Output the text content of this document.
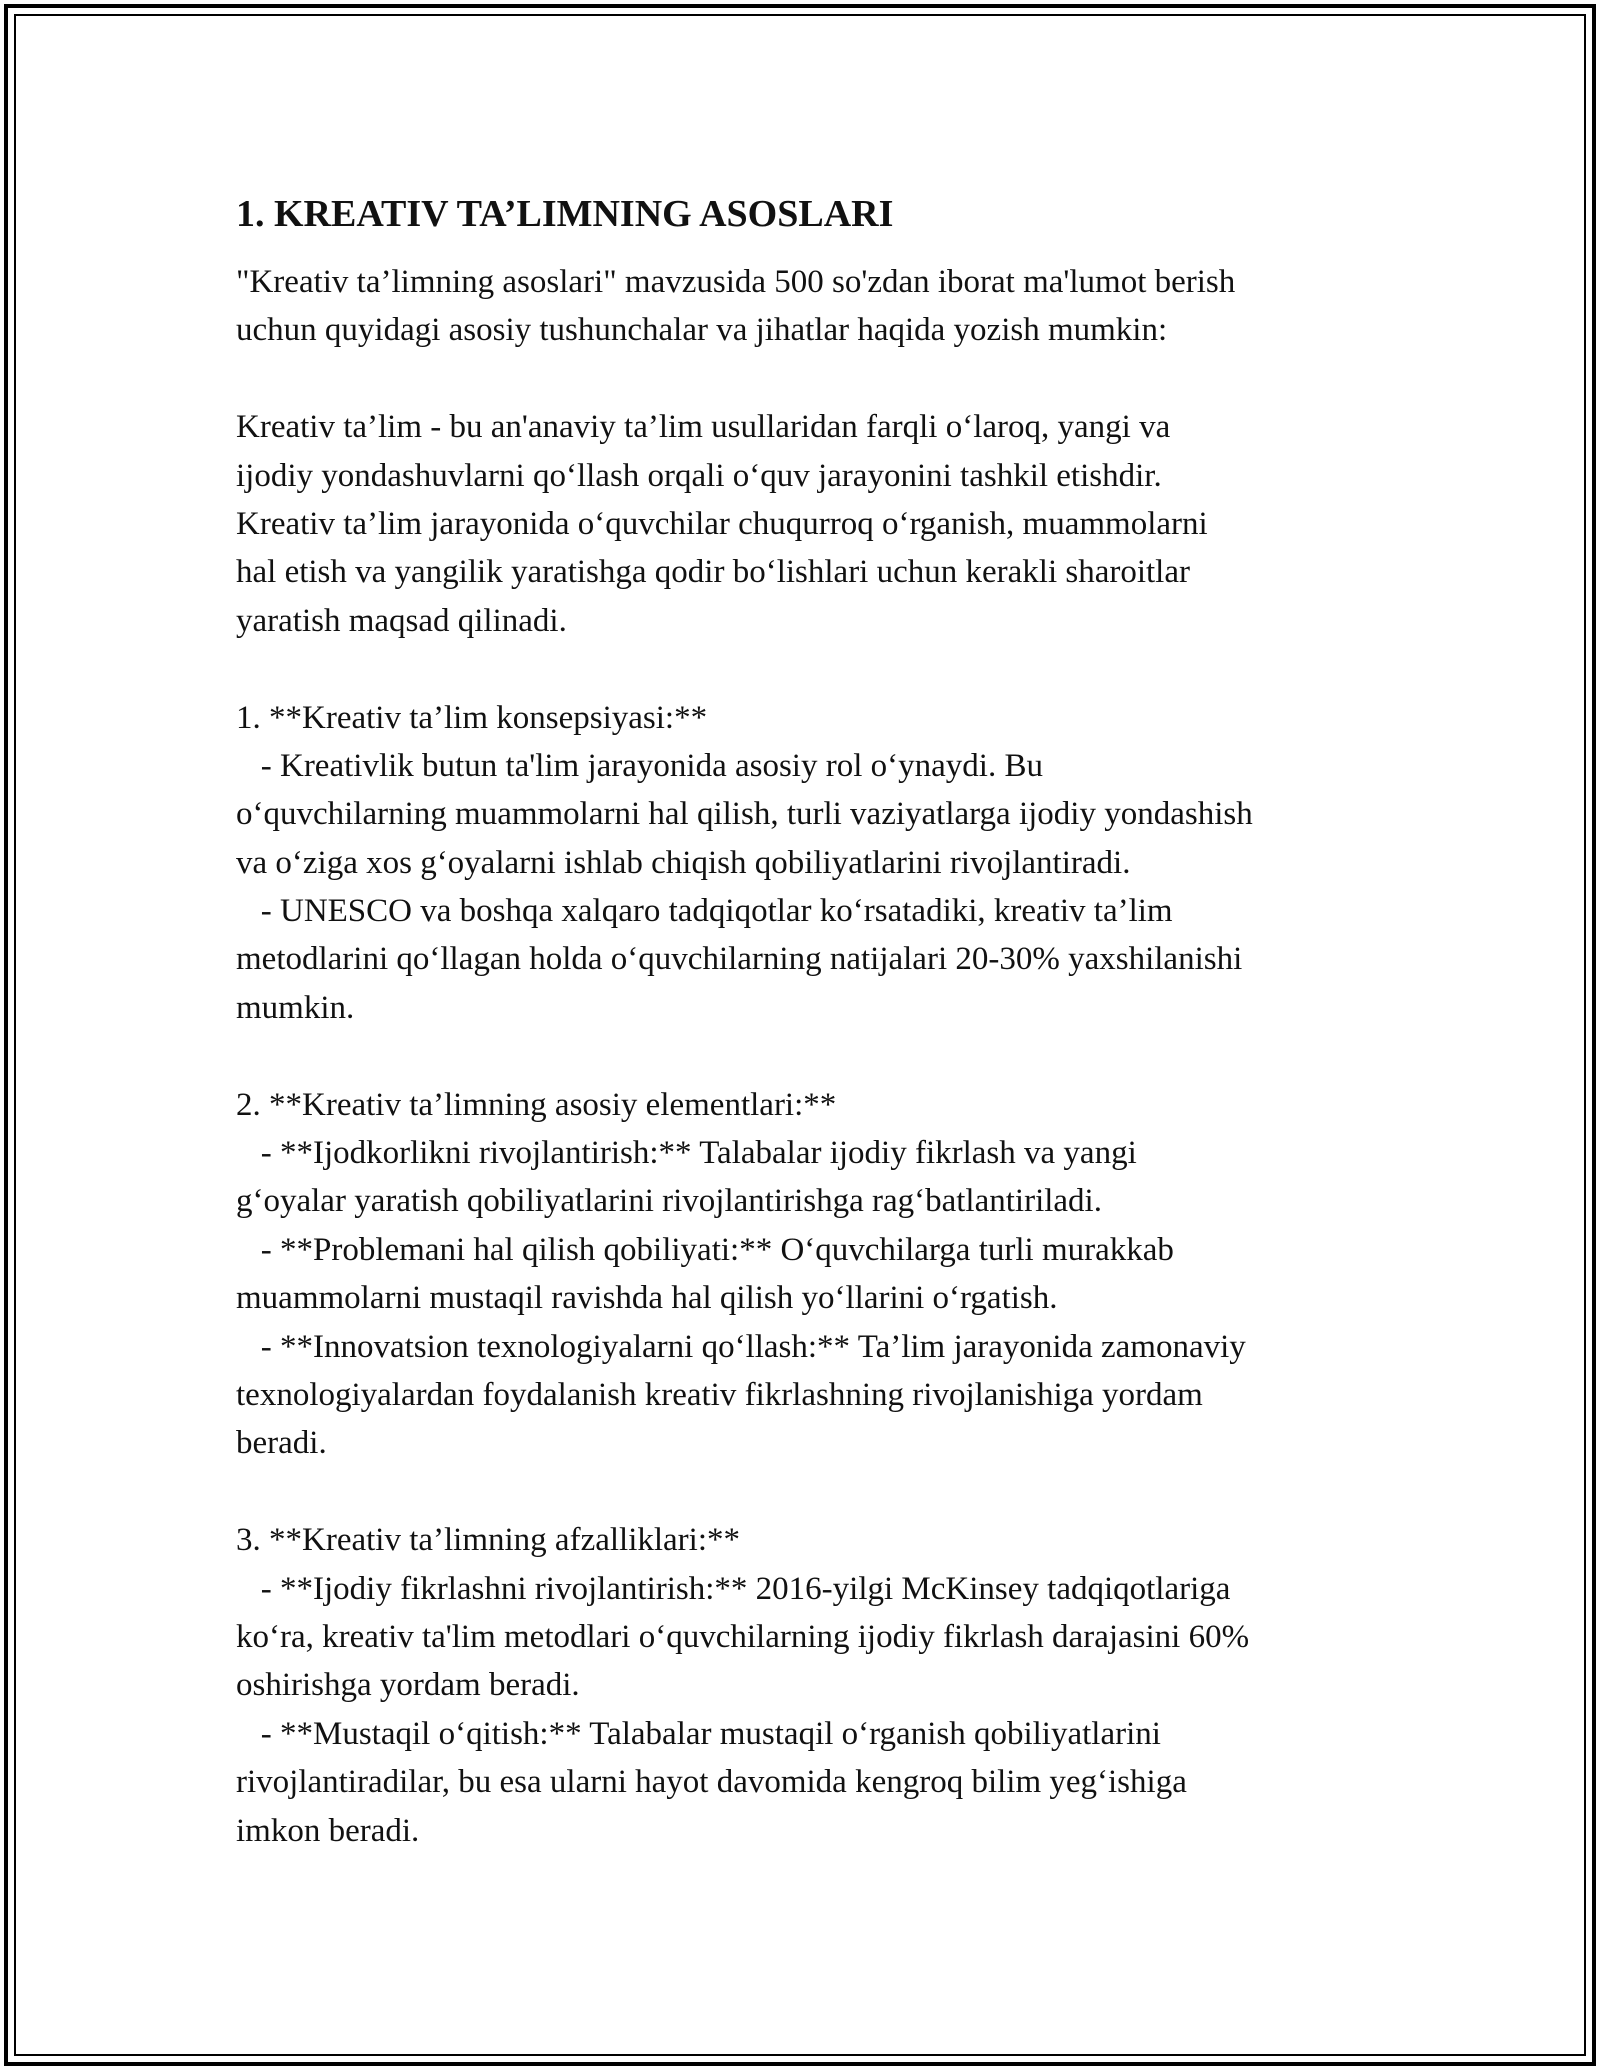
1. KREATIV TA’LIMNING ASOSLARI
"Kreativ ta’limning asoslari" mavzusida 500 so'zdan iborat ma'lumot berish
uchun quyidagi asosiy tushunchalar va jihatlar haqida yozish mumkin:
Kreativ ta’lim - bu an'anaviy ta’lim usullaridan farqli o‘laroq, yangi va
ijodiy yondashuvlarni qo‘llash orqali o‘quv jarayonini tashkil etishdir.
Kreativ ta’lim jarayonida o‘quvchilar chuqurroq o‘rganish, muammolarni
hal etish va yangilik yaratishga qodir bo‘lishlari uchun kerakli sharoitlar
yaratish maqsad qilinadi.
1. **Kreativ ta’lim konsepsiyasi:**
- Kreativlik butun ta'lim jarayonida asosiy rol o‘ynaydi. Bu
o‘quvchilarning muammolarni hal qilish, turli vaziyatlarga ijodiy yondashish
va o‘ziga xos g‘oyalarni ishlab chiqish qobiliyatlarini rivojlantiradi.
- UNESCO va boshqa xalqaro tadqiqotlar ko‘rsatadiki, kreativ ta’lim
metodlarini qo‘llagan holda o‘quvchilarning natijalari 20-30% yaxshilanishi
mumkin.
2. **Kreativ ta’limning asosiy elementlari:**
- **Ijodkorlikni rivojlantirish:** Talabalar ijodiy fikrlash va yangi
g‘oyalar yaratish qobiliyatlarini rivojlantirishga rag‘batlantiriladi.
- **Problemani hal qilish qobiliyati:** O‘quvchilarga turli murakkab
muammolarni mustaqil ravishda hal qilish yo‘llarini o‘rgatish.
- **Innovatsion texnologiyalarni qo‘llash:** Ta’lim jarayonida zamonaviy
texnologiyalardan foydalanish kreativ fikrlashning rivojlanishiga yordam
beradi.
3. **Kreativ ta’limning afzalliklari:**
- **Ijodiy fikrlashni rivojlantirish:** 2016-yilgi McKinsey tadqiqotlariga
ko‘ra, kreativ ta'lim metodlari o‘quvchilarning ijodiy fikrlash darajasini 60%
oshirishga yordam beradi.
- **Mustaqil o‘qitish:** Talabalar mustaqil o‘rganish qobiliyatlarini
rivojlantiradilar, bu esa ularni hayot davomida kengroq bilim yeg‘ishiga
imkon beradi.
